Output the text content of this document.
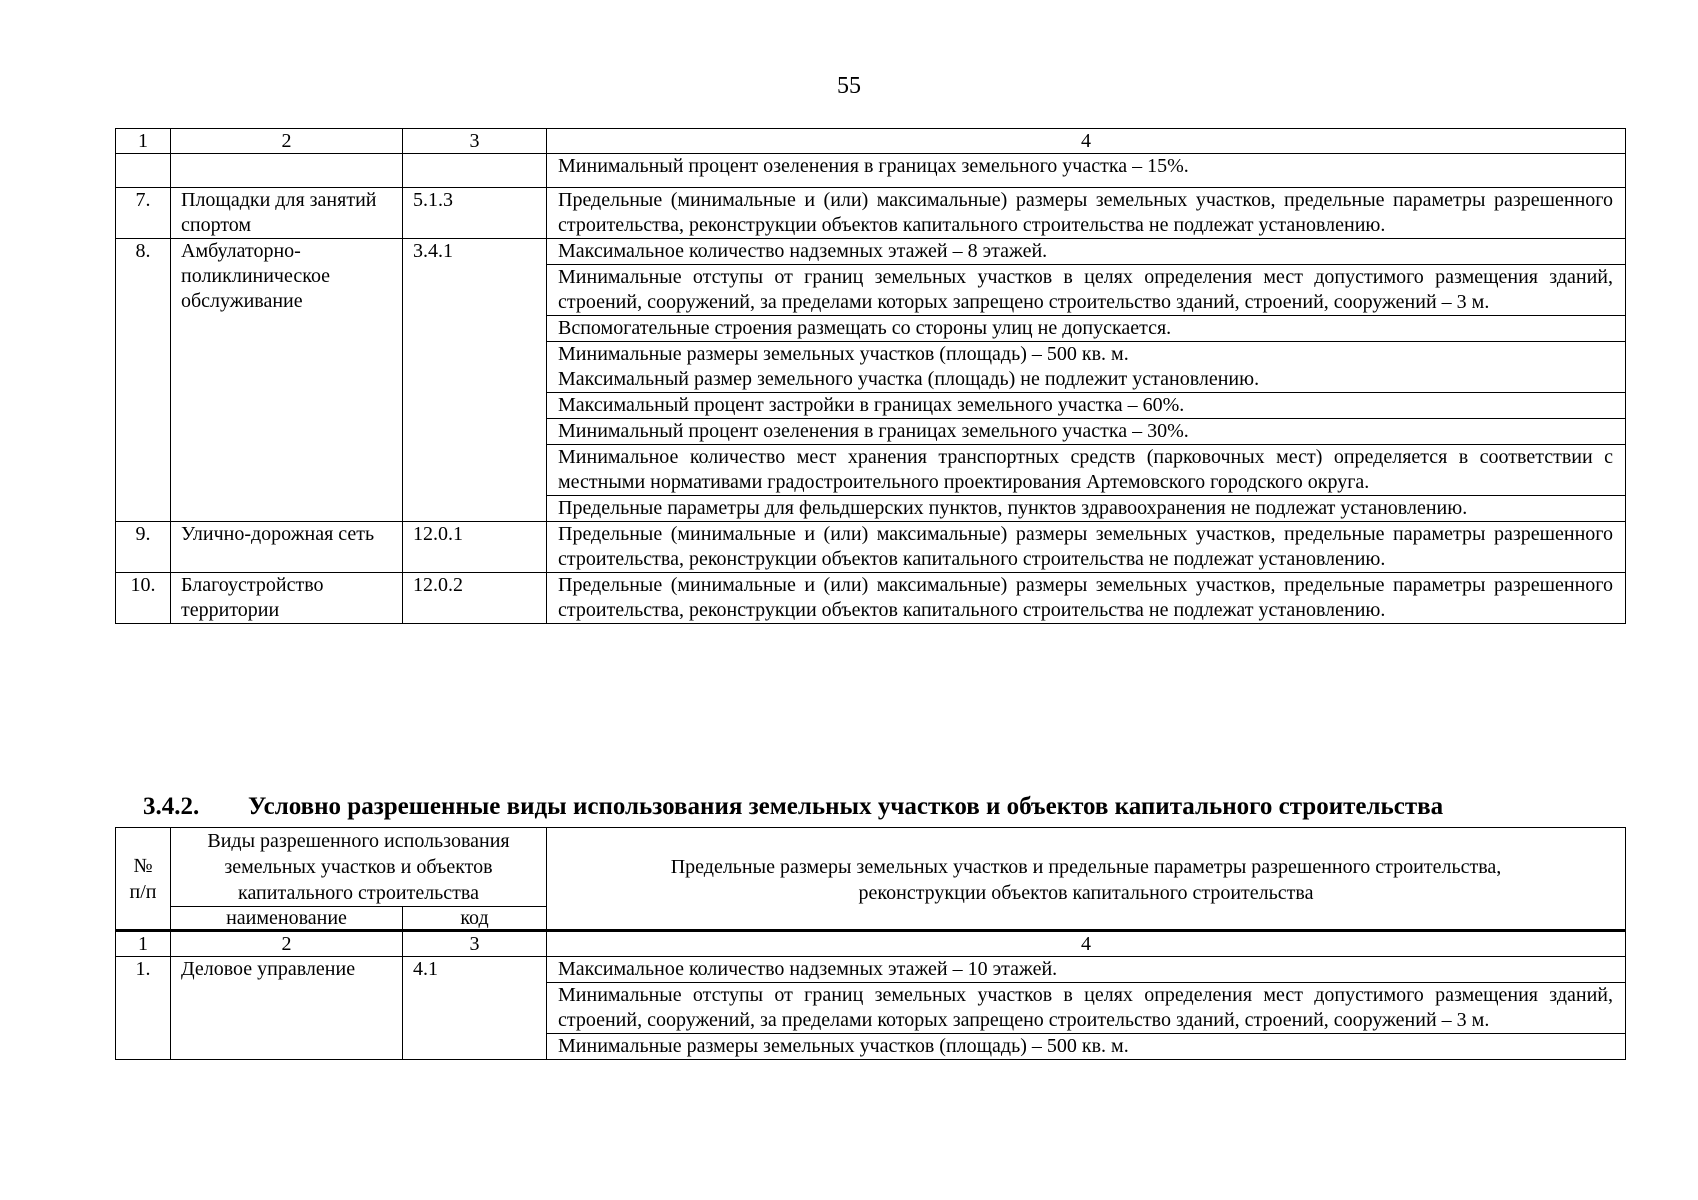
55
1	2	3	4
			Минимальный процент озеленения в границах земельного участка – 15%.
7.	Площадки для занятий спортом	5.1.3	Предельные (минимальные и (или) максимальные) размеры земельных участков, предельные параметры разрешенного строительства, реконструкции объектов капитального строительства не подлежат установлению.
8.	Амбулаторно-поликлиническое обслуживание	3.4.1	Максимальное количество надземных этажей – 8 этажей.
			Минимальные отступы от границ земельных участков в целях определения мест допустимого размещения зданий, строений, сооружений, за пределами которых запрещено строительство зданий, строений, сооружений – 3 м.
			Вспомогательные строения размещать со стороны улиц не допускается.
			Минимальные размеры земельных участков (площадь) – 500 кв. м.
Максимальный размер земельного участка (площадь) не подлежит установлению.
			Максимальный процент застройки в границах земельного участка – 60%.
			Минимальный процент озеленения в границах земельного участка – 30%.
			Минимальное количество мест хранения транспортных средств (парковочных мест) определяется в соответствии с местными нормативами градостроительного проектирования Артемовского городского округа.
			Предельные параметры для фельдшерских пунктов, пунктов здравоохранения не подлежат установлению.
9.	Улично-дорожная сеть	12.0.1	Предельные (минимальные и (или) максимальные) размеры земельных участков, предельные параметры разрешенного строительства, реконструкции объектов капитального строительства не подлежат установлению.
10.	Благоустройство территории	12.0.2	Предельные (минимальные и (или) максимальные) размеры земельных участков, предельные параметры разрешенного строительства, реконструкции объектов капитального строительства не подлежат установлению.
3.4.2. Условно разрешенные виды использования земельных участков и объектов капитального строительства
№
п/п	Виды разрешенного использования земельных участков и объектов капитального строительства		Предельные размеры земельных участков и предельные параметры разрешенного строительства,
реконструкции объектов капитального строительства
	наименование	код	
1	2	3	4
1.	Деловое управление	4.1	Максимальное количество надземных этажей – 10 этажей.
			Минимальные отступы от границ земельных участков в целях определения мест допустимого размещения зданий, строений, сооружений, за пределами которых запрещено строительство зданий, строений, сооружений – 3 м.
			Минимальные размеры земельных участков (площадь) – 500 кв. м.
